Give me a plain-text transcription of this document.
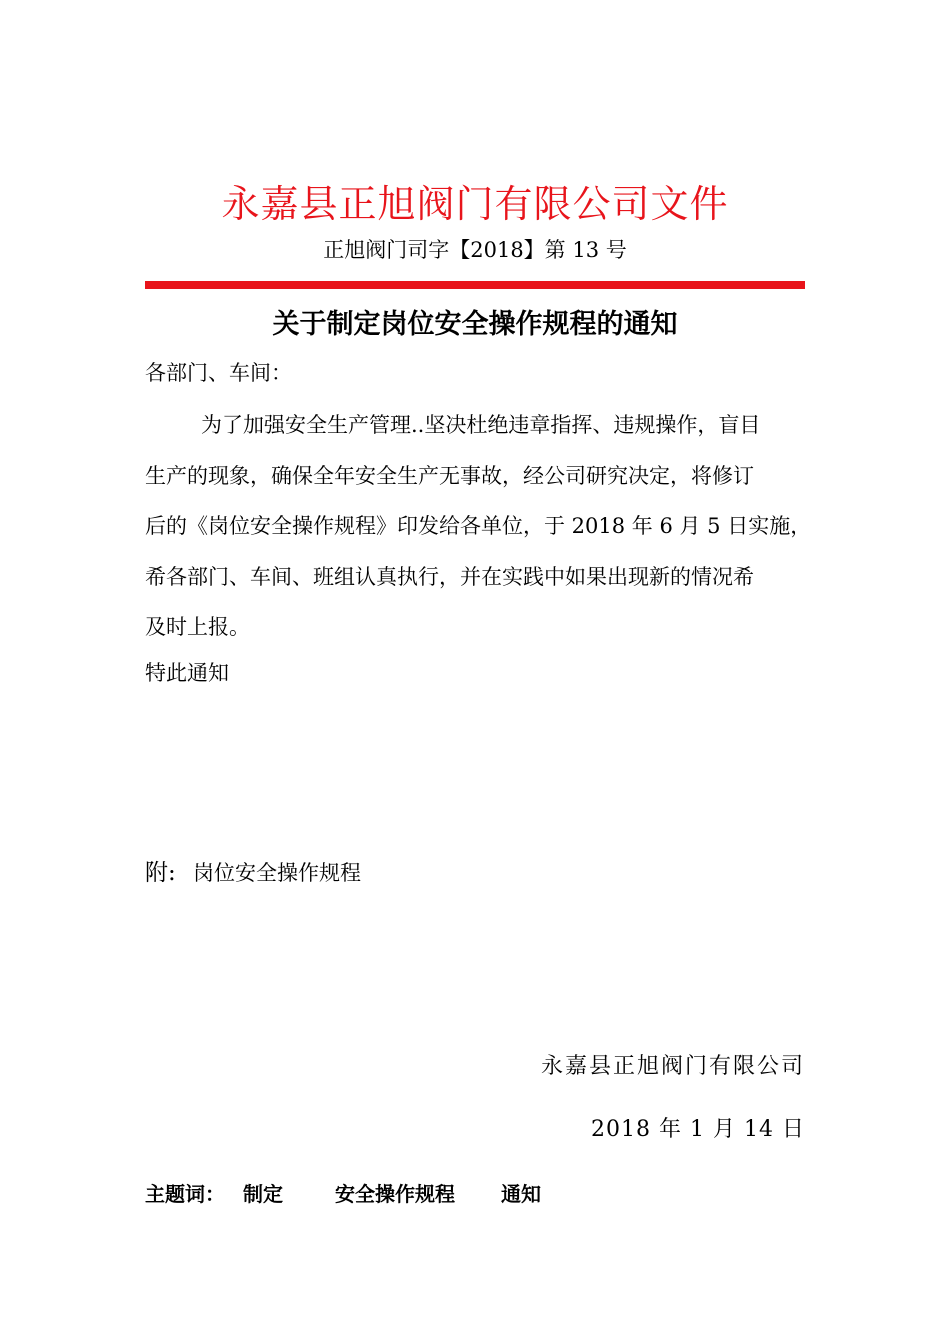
永嘉县正旭阀门有限公司文件
正旭阀门司字【2018】第 13 号
关于制定岗位安全操作规程的通知
各部门、车间：
为了加强安全生产管理..坚决杜绝违章指挥、违规操作，盲目
生产的现象，确保全年安全生产无事故，经公司研究决定，将修订
后的《岗位安全操作规程》印发给各单位，于 2018 年 6 月 5 日实施，
希各部门、车间、班组认真执行，并在实践中如果出现新的情况希
及时上报。
特此通知
附: 岗位安全操作规程
永嘉县正旭阀门有限公司
2018 年 1 月 14 日
主题词： 制定	安全操作规程 通知
